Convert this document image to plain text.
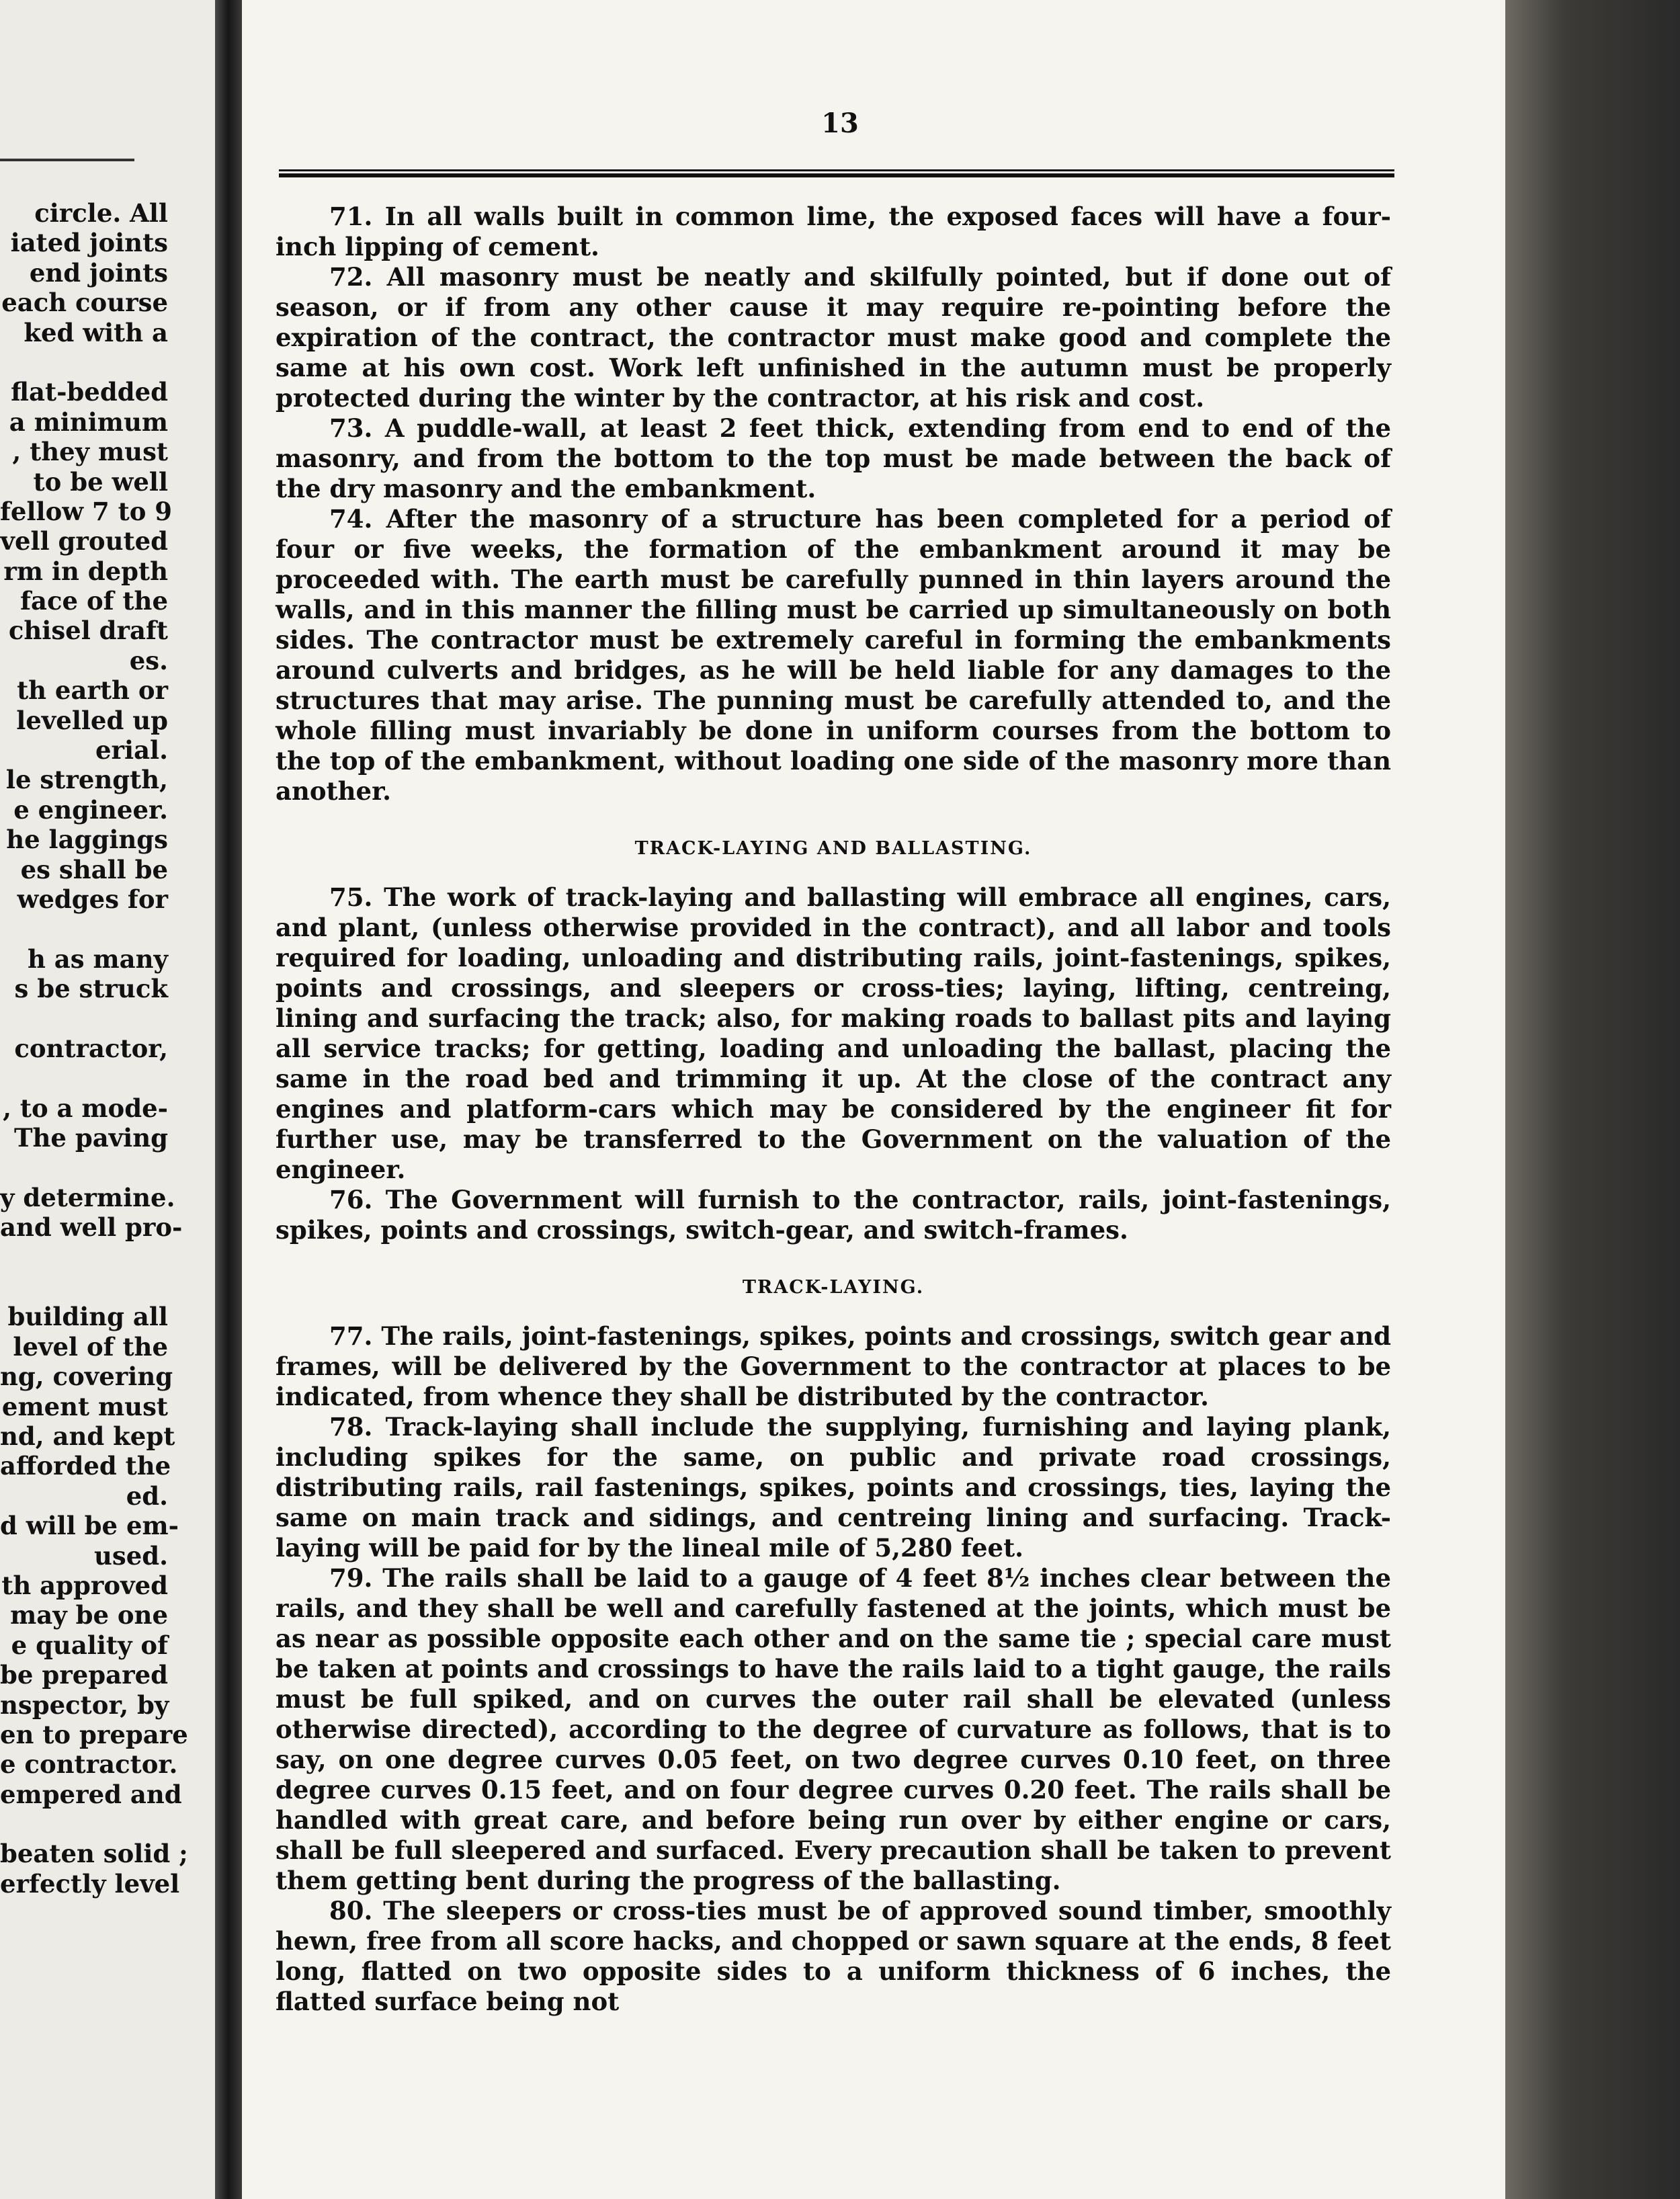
circle. All
iated joints
end joints
each course
ked with a
flat-bedded
a minimum
, they must
to be well
fellow 7 to 9
vell grouted
rm in depth
face of the
chisel draft
es.
th earth or
levelled up
erial.
le strength,
e engineer.
he laggings
es shall be
wedges for
h as many
s be struck
contractor,
, to a mode-
The paving
y determine.
and well pro-
building all
level of the
ng, covering
ement must
nd, and kept
afforded the
ed.
d will be em-
used.
th approved
may be one
e quality of
be prepared
nspector, by
en to prepare
e contractor.
empered and
beaten solid ;
erfectly level
13

71. In all walls built in common lime, the exposed faces will have a four-inch lipping of cement.

72. All masonry must be neatly and skilfully pointed, but if done out of season, or if from any other cause it may require re-pointing before the expiration of the contract, the contractor must make good and complete the same at his own cost. Work left unfinished in the autumn must be properly protected during the winter by the contractor, at his risk and cost.

73. A puddle-wall, at least 2 feet thick, extending from end to end of the masonry, and from the bottom to the top must be made between the back of the dry masonry and the embankment.

74. After the masonry of a structure has been completed for a period of four or five weeks, the formation of the embankment around it may be proceeded with. The earth must be carefully punned in thin layers around the walls, and in this manner the filling must be carried up simultaneously on both sides. The contractor must be extremely careful in forming the embankments around culverts and bridges, as he will be held liable for any damages to the structures that may arise. The punning must be carefully attended to, and the whole filling must invariably be done in uniform courses from the bottom to the top of the embankment, without loading one side of the masonry more than another.

TRACK-LAYING AND BALLASTING.

75. The work of track-laying and ballasting will embrace all engines, cars, and plant, (unless otherwise provided in the contract), and all labor and tools required for loading, unloading and distributing rails, joint-fastenings, spikes, points and crossings, and sleepers or cross-ties; laying, lifting, centreing, lining and surfacing the track; also, for making roads to ballast pits and laying all service tracks; for getting, loading and unloading the ballast, placing the same in the road bed and trimming it up. At the close of the contract any engines and platform-cars which may be considered by the engineer fit for further use, may be transferred to the Government on the valuation of the engineer.

76. The Government will furnish to the contractor, rails, joint-fastenings, spikes, points and crossings, switch-gear, and switch-frames.

TRACK-LAYING.

77. The rails, joint-fastenings, spikes, points and crossings, switch gear and frames, will be delivered by the Government to the contractor at places to be indicated, from whence they shall be distributed by the contractor.

78. Track-laying shall include the supplying, furnishing and laying plank, including spikes for the same, on public and private road crossings, distributing rails, rail fastenings, spikes, points and crossings, ties, laying the same on main track and sidings, and centreing lining and surfacing. Track-laying will be paid for by the lineal mile of 5,280 feet.

79. The rails shall be laid to a gauge of 4 feet 8½ inches clear between the rails, and they shall be well and carefully fastened at the joints, which must be as near as possible opposite each other and on the same tie ; special care must be taken at points and crossings to have the rails laid to a tight gauge, the rails must be full spiked, and on curves the outer rail shall be elevated (unless otherwise directed), according to the degree of curvature as follows, that is to say, on one degree curves 0.05 feet, on two degree curves 0.10 feet, on three degree curves 0.15 feet, and on four degree curves 0.20 feet. The rails shall be handled with great care, and before being run over by either engine or cars, shall be full sleepered and surfaced. Every precaution shall be taken to prevent them getting bent during the progress of the ballasting.

80. The sleepers or cross-ties must be of approved sound timber, smoothly hewn, free from all score hacks, and chopped or sawn square at the ends, 8 feet long, flatted on two opposite sides to a uniform thickness of 6 inches, the flatted surface being not
